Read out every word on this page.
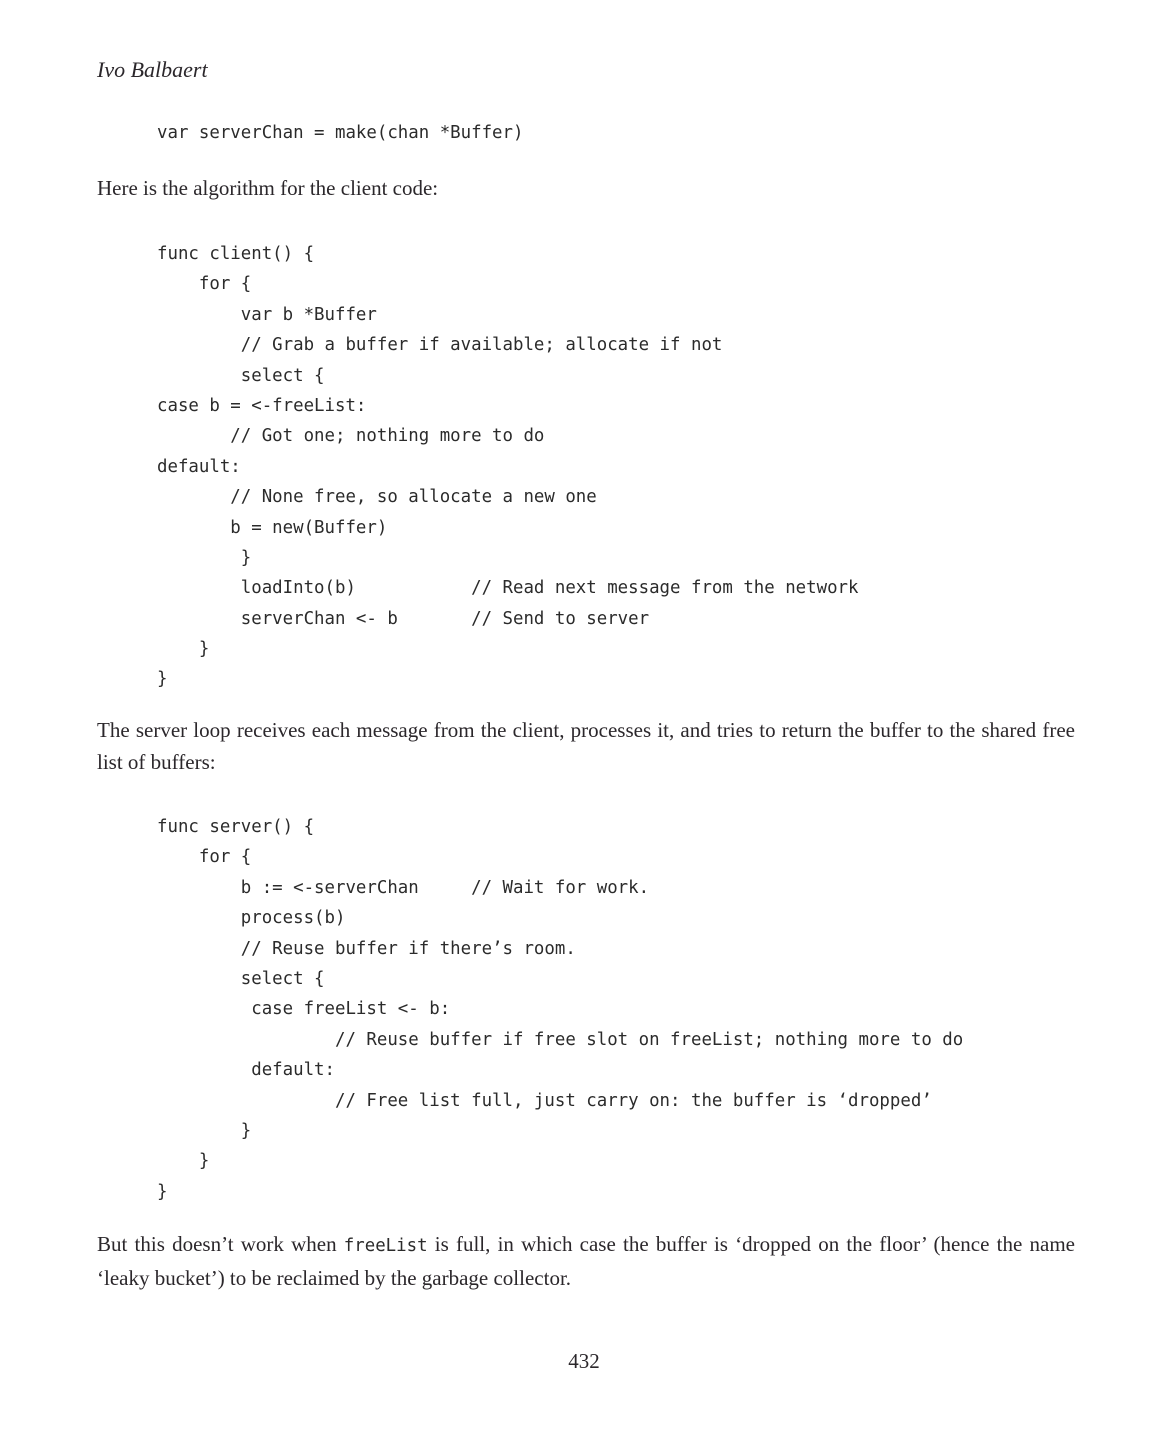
Ivo Balbaert
var serverChan = make(chan *Buffer)

Here is the algorithm for the client code:

func client() {
for {
var b *Buffer
// Grab a buffer if available; allocate if not
select {
case b = <-freeList:
// Got one; nothing more to do
default:
// None free, so allocate a new one
b = new(Buffer)
}
loadInto(b)           // Read next message from the network
serverChan <- b       // Send to server
}
}

The server loop receives each message from the client, processes it, and tries to return the buffer to the shared free list of buffers:

func server() {
for {
b := <-serverChan     // Wait for work.
process(b)
// Reuse buffer if there’s room.
select {
case freeList <- b:
// Reuse buffer if free slot on freeList; nothing more to do
default:
// Free list full, just carry on: the buffer is ‘dropped’
}
}
}

But this doesn’t work when freeList is full, in which case the buffer is ‘dropped on the floor’ (hence the name ‘leaky bucket’) to be reclaimed by the garbage collector.

432
